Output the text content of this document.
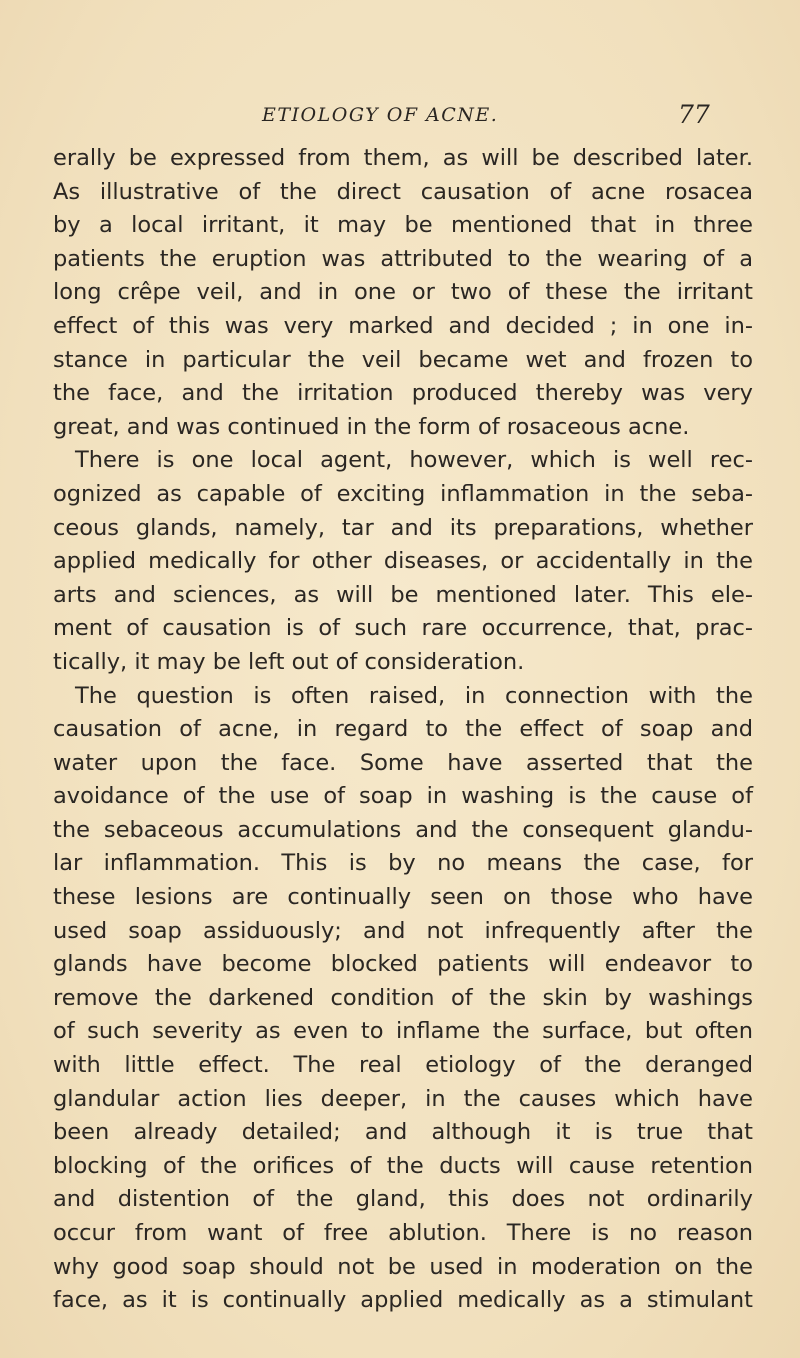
ETIOLOGY OF ACNE.	77
erally be expressed from them, as will be described later.
As illustrative of the direct causation of acne rosacea
by a local irritant, it may be mentioned that in three
patients the eruption was attributed to the wearing of a
long crêpe veil, and in one or two of these the irritant
effect of this was very marked and decided ; in one in-
stance in particular the veil became wet and frozen to
the face, and the irritation produced thereby was very
great, and was continued in the form of rosaceous acne.
There is one local agent, however, which is well rec-
ognized as capable of exciting inflammation in the seba-
ceous glands, namely, tar and its preparations, whether
applied medically for other diseases, or accidentally in the
arts and sciences, as will be mentioned later. This ele-
ment of causation is of such rare occurrence, that, prac-
tically, it may be left out of consideration.
The question is often raised, in connection with the
causation of acne, in regard to the effect of soap and
water upon the face. Some have asserted that the
avoidance of the use of soap in washing is the cause of
the sebaceous accumulations and the consequent glandu-
lar inflammation. This is by no means the case, for
these lesions are continually seen on those who have
used soap assiduously; and not infrequently after the
glands have become blocked patients will endeavor to
remove the darkened condition of the skin by washings
of such severity as even to inflame the surface, but often
with little effect. The real etiology of the deranged
glandular action lies deeper, in the causes which have
been already detailed; and although it is true that
blocking of the orifices of the ducts will cause retention
and distention of the gland, this does not ordinarily
occur from want of free ablution. There is no reason
why good soap should not be used in moderation on the
face, as it is continually applied medically as a stimulant
